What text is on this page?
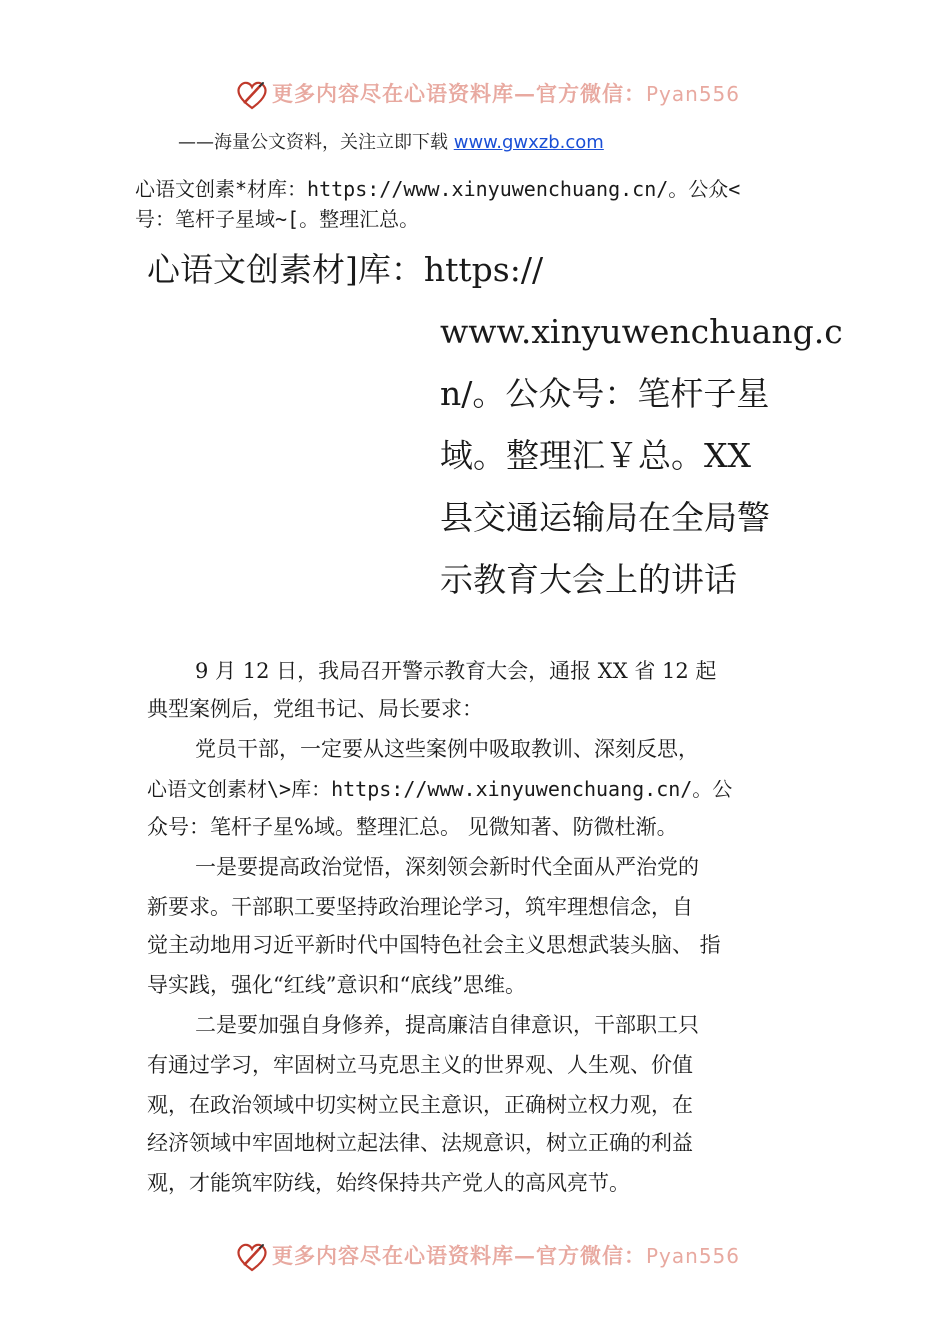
更多内容尽在心语资料库—官方微信：Pyan556
——海量公文资料，关注立即下载 www.gwxzb.com
心语文创素*材库：https://www.xinyuwenchuang.cn/。公众<
号：笔杆子星域~[。整理汇总。
心语文创素材]库：https://
www.xinyuwenchuang.c
n/。公众号：笔杆子星
域。整理汇￥总。XX
县交通运输局在全局警
示教育大会上的讲话
9 月 12 日，我局召开警示教育大会，通报 XX 省 12 起
典型案例后，党组书记、局长要求：
党员干部，一定要从这些案例中吸取教训、深刻反思，
心语文创素材\>库：https://www.xinyuwenchuang.cn/。公
众号：笔杆子星%域。整理汇总。 见微知著、防微杜渐。
一是要提高政治觉悟，深刻领会新时代全面从严治党的
新要求。干部职工要坚持政治理论学习，筑牢理想信念，自
觉主动地用习近平新时代中国特色社会主义思想武装头脑、 指
导实践，强化“红线”意识和“底线”思维。
二是要加强自身修养，提高廉洁自律意识，干部职工只
有通过学习，牢固树立马克思主义的世界观、人生观、价值
观，在政治领域中切实树立民主意识，正确树立权力观，在
经济领域中牢固地树立起法律、法规意识，树立正确的利益
观，才能筑牢防线，始终保持共产党人的高风亮节。
更多内容尽在心语资料库—官方微信：Pyan556
